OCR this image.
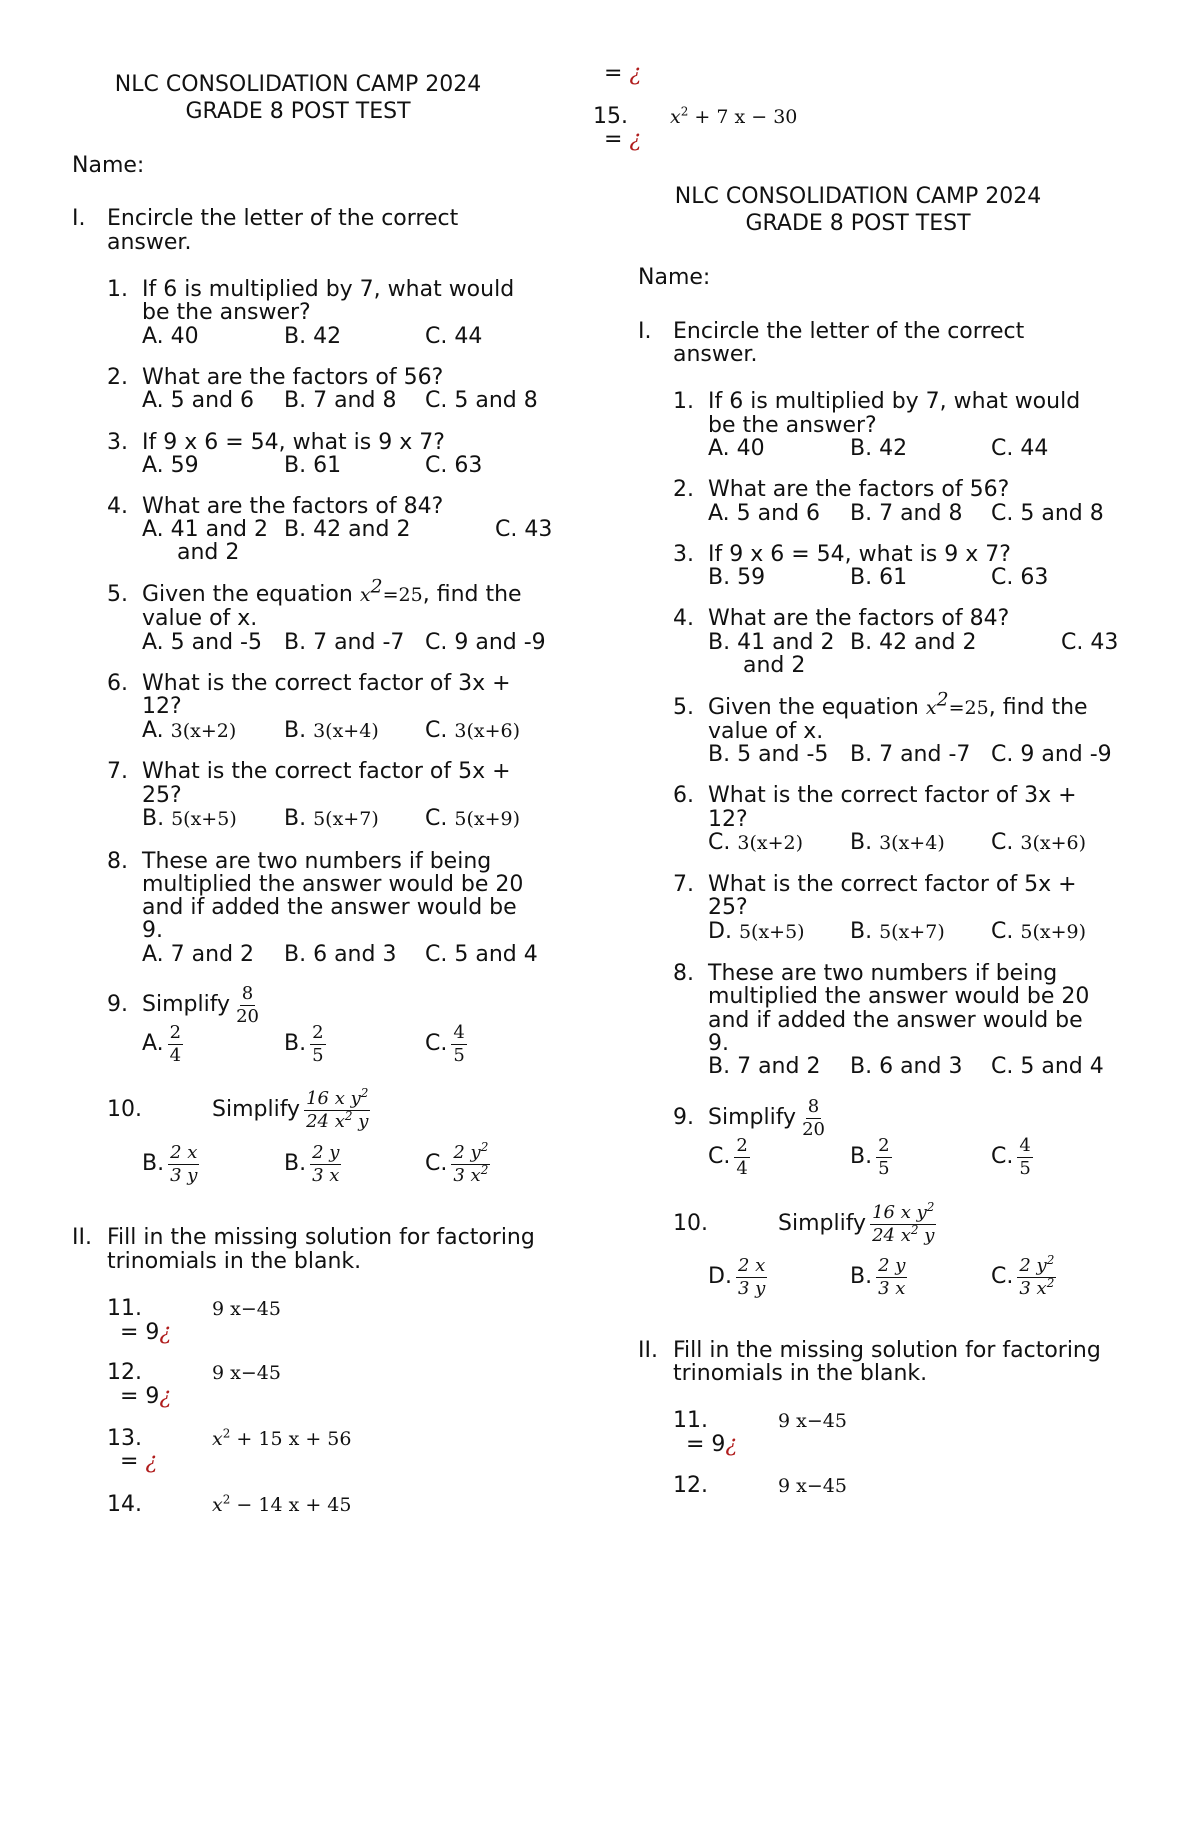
NLC CONSOLIDATION CAMP 2024
GRADE 8 POST TEST
Name:
I. Encircle the letter of the correct
answer.
1. If 6 is multiplied by 7, what would
be the answer?
A. 40	B. 42	C. 44
2. What are the factors of 56?
A. 5 and 6 B. 7 and 8 C. 5 and 8
3. If 9 x 6 = 54, what is 9 x 7?
A. 59	B. 61	C. 63
4. What are the factors of 84?
A. 41 and 2 B. 42 and 2	C. 43
and 2
5. Given the equation $x^2=25$, find the
value of x.
A. 5 and -5 B. 7 and -7 C. 9 and -9
6. What is the correct factor of 3x +
12?
A. 3(x+2) B. 3(x+4) C. 3(x+6)
7. What is the correct factor of 5x +
25?
B. 5(x+5) B. 5(x+7) C. 5(x+9)
8. These are two numbers if being
multiplied the answer would be 20
and if added the answer would be
9.
A. 7 and 2 B. 6 and 3 C. 5 and 4
9. Simplify $\frac{8}{20}$
A. $\frac{2}{4}$	B. $\frac{2}{5}$	C. $\frac{4}{5}$
10.	Simplify $\frac{16 x y^2}{24 x^2 y}$
B. $\frac{2 x}{3 y}$	B. $\frac{2 y}{3 x}$	C. $\frac{2 y^2}{3 x^2}$
II. Fill in the missing solution for factoring
trinomials in the blank.
11.	9 x−45
= 9¿
12.	9 x−45
= 9¿
13.	$x^2 + 15$ x + 56
= ¿
14.	$x^2 - 14$ x + 45
= ¿
15. $x^2 + 7$ x − 30
= ¿
NLC CONSOLIDATION CAMP 2024
GRADE 8 POST TEST
Name:
I. Encircle the letter of the correct
answer.
1. If 6 is multiplied by 7, what would
be the answer?
A. 40	B. 42	C. 44
2. What are the factors of 56?
A. 5 and 6 B. 7 and 8 C. 5 and 8
3. If 9 x 6 = 54, what is 9 x 7?
B. 59	B. 61	C. 63
4. What are the factors of 84?
B. 41 and 2 B. 42 and 2	C. 43
and 2
5. Given the equation $x^2=25$, find the
value of x.
B. 5 and -5 B. 7 and -7 C. 9 and -9
6. What is the correct factor of 3x +
12?
C. 3(x+2) B. 3(x+4) C. 3(x+6)
7. What is the correct factor of 5x +
25?
D. 5(x+5) B. 5(x+7) C. 5(x+9)
8. These are two numbers if being
multiplied the answer would be 20
and if added the answer would be
9.
B. 7 and 2 B. 6 and 3 C. 5 and 4
9. Simplify $\frac{8}{20}$
C. $\frac{2}{4}$	B. $\frac{2}{5}$	C. $\frac{4}{5}$
10.	Simplify $\frac{16 x y^2}{24 x^2 y}$
D. $\frac{2 x}{3 y}$	B. $\frac{2 y}{3 x}$	C. $\frac{2 y^2}{3 x^2}$
II. Fill in the missing solution for factoring
trinomials in the blank.
11.	9 x−45
= 9¿
12.	9 x−45
